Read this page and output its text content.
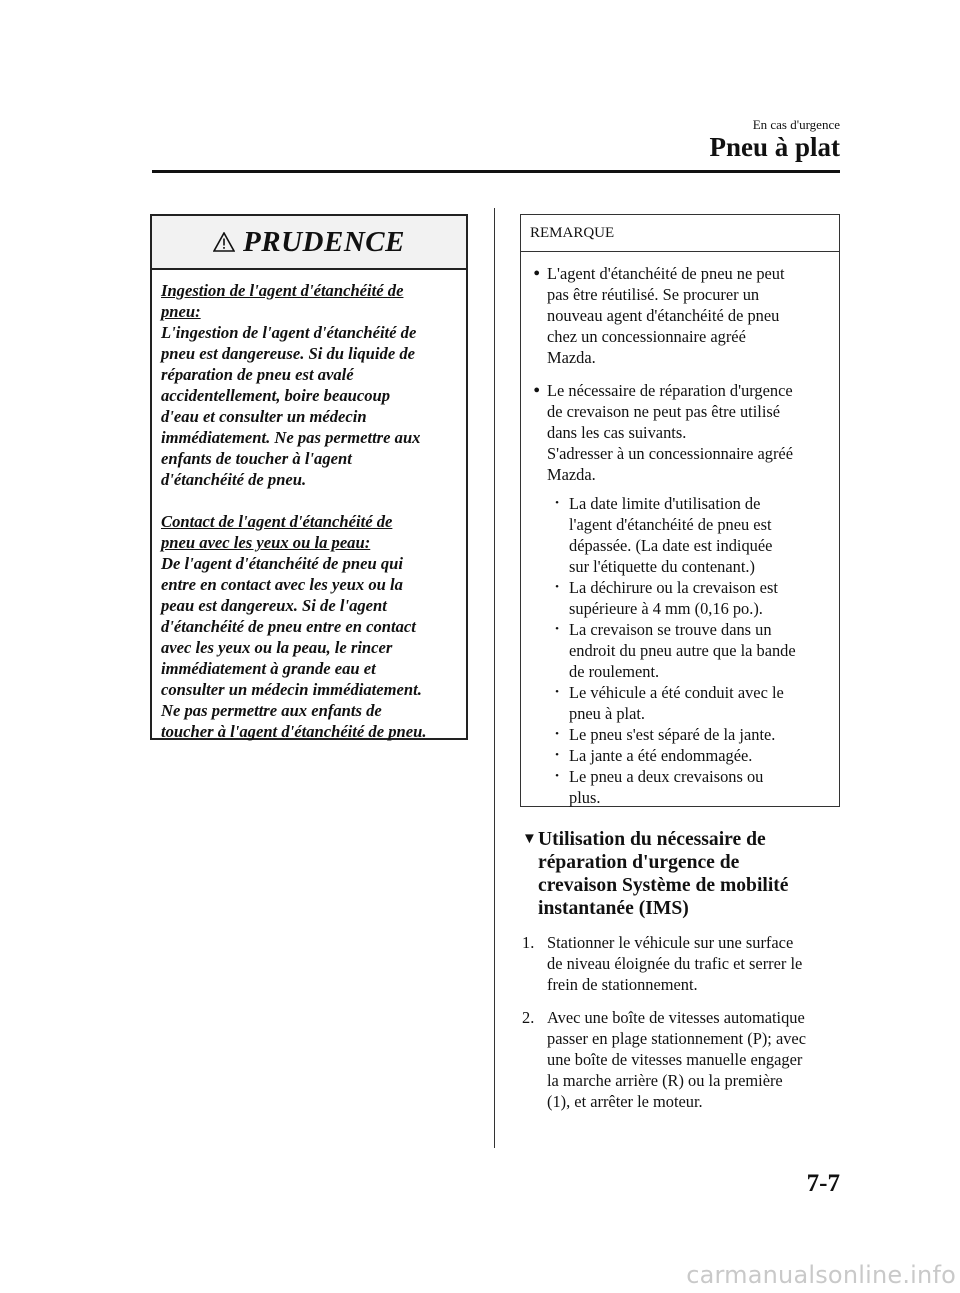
En cas d'urgence
Pneu à plat
PRUDENCE

Ingestion de l'agent d'étanchéité de
pneu:

L'ingestion de l'agent d'étanchéité de
pneu est dangereuse. Si du liquide de
réparation de pneu est avalé
accidentellement, boire beaucoup
d'eau et consulter un médecin
immédiatement. Ne pas permettre aux
enfants de toucher à l'agent
d'étanchéité de pneu.

Contact de l'agent d'étanchéité de
pneu avec les yeux ou la peau:

De l'agent d'étanchéité de pneu qui
entre en contact avec les yeux ou la
peau est dangereux. Si de l'agent
d'étanchéité de pneu entre en contact
avec les yeux ou la peau, le rincer
immédiatement à grande eau et
consulter un médecin immédiatement.
Ne pas permettre aux enfants de
toucher à l'agent d'étanchéité de pneu.

REMARQUE
● L'agent d'étanchéité de pneu ne peut
pas être réutilisé. Se procurer un
nouveau agent d'étanchéité de pneu
chez un concessionnaire agréé
Mazda.
● Le nécessaire de réparation d'urgence
de crevaison ne peut pas être utilisé
dans les cas suivants.
S'adresser à un concessionnaire agréé
Mazda.
• La date limite d'utilisation de
l'agent d'étanchéité de pneu est
dépassée. (La date est indiquée
sur l'étiquette du contenant.)
• La déchirure ou la crevaison est
supérieure à 4 mm (0,16 po.).
• La crevaison se trouve dans un
endroit du pneu autre que la bande
de roulement.
• Le véhicule a été conduit avec le
pneu à plat.
• Le pneu s'est séparé de la jante.
• La jante a été endommagée.
• Le pneu a deux crevaisons ou
plus.
▼ Utilisation du nécessaire de
réparation d'urgence de
crevaison Système de mobilité
instantanée (IMS)
1. Stationner le véhicule sur une surface
de niveau éloignée du trafic et serrer le
frein de stationnement.
2. Avec une boîte de vitesses automatique
passer en plage stationnement (P); avec
une boîte de vitesses manuelle engager
la marche arrière (R) ou la première
(1), et arrêter le moteur.
7-7
carmanualsonline.info
